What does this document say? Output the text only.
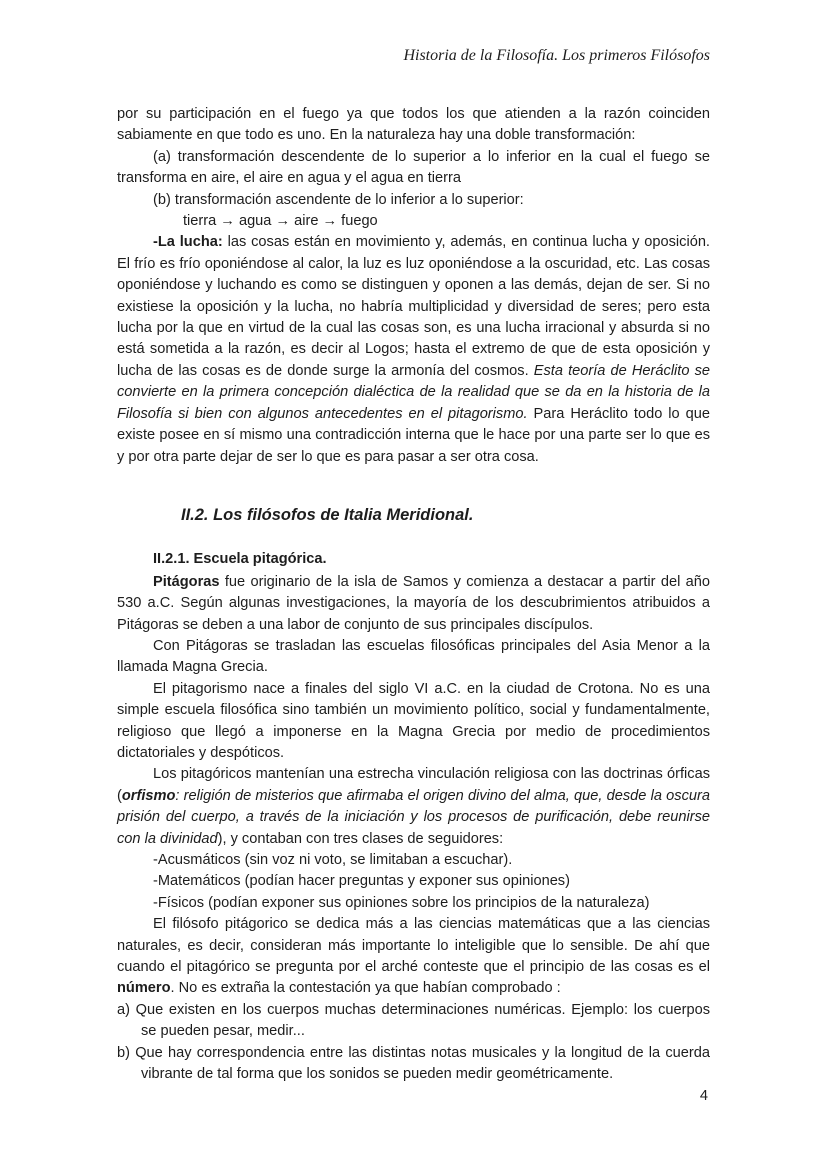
Historia de la Filosofía. Los primeros Filósofos

por su participación en el fuego ya que todos los que atienden a la razón coinciden sabiamente en que todo es uno. En la naturaleza hay una doble transformación:

(a) transformación descendente de lo superior a lo inferior en la cual el fuego se transforma en aire, el aire en agua y el agua en tierra

(b) transformación ascendente de lo inferior a lo superior:

tierra → agua → aire → fuego

-La lucha: las cosas están en movimiento y, además, en continua lucha y oposición. El frío es frío oponiéndose al calor, la luz es luz oponiéndose a la oscuridad, etc. Las cosas oponiéndose y luchando es como se distinguen y oponen a las demás, dejan de ser. Si no existiese la oposición y la lucha, no habría multiplicidad y diversidad de seres; pero esta lucha por la que en virtud de la cual las cosas son, es una lucha irracional y absurda si no está sometida a la razón, es decir al Logos; hasta el extremo de que de esta oposición y lucha de las cosas es de donde surge la armonía del cosmos. Esta teoría de Heráclito se convierte en la primera concepción dialéctica de la realidad que se da en la historia de la Filosofía si bien con algunos antecedentes en el pitagorismo. Para Heráclito todo lo que existe posee en sí mismo una contradicción interna que le hace por una parte ser lo que es y por otra parte dejar de ser lo que es para pasar a ser otra cosa.

II.2. Los filósofos de Italia Meridional.

II.2.1. Escuela pitagórica.

Pitágoras fue originario de la isla de Samos y comienza a destacar a partir del año 530 a.C. Según algunas investigaciones, la mayoría de los descubrimientos atribuidos a Pitágoras se deben a una labor de conjunto de sus principales discípulos.

Con Pitágoras se trasladan las escuelas filosóficas principales del Asia Menor a la llamada Magna Grecia.

El pitagorismo nace a finales del siglo VI a.C. en la ciudad de Crotona. No es una simple escuela filosófica sino también un movimiento político, social y fundamentalmente, religioso que llegó a imponerse en la Magna Grecia por medio de procedimientos dictatoriales y despóticos.

Los pitagóricos mantenían una estrecha vinculación religiosa con las doctrinas órficas (orfismo: religión de misterios que afirmaba el origen divino del alma, que, desde la oscura prisión del cuerpo, a través de la iniciación y los procesos de purificación, debe reunirse con la divinidad), y contaban con tres clases de seguidores:

-Acusmáticos (sin voz ni voto, se limitaban a escuchar).

-Matemáticos (podían hacer preguntas y exponer sus opiniones)

-Físicos (podían exponer sus opiniones sobre los principios de la naturaleza)

El filósofo pitágorico se dedica más a las ciencias matemáticas que a las ciencias naturales, es decir, consideran más importante lo inteligible que lo sensible. De ahí que cuando el pitagórico se pregunta por el arché conteste que el principio de las cosas es el número. No es extraña la contestación ya que habían comprobado :

a) Que existen en los cuerpos muchas determinaciones numéricas. Ejemplo: los cuerpos se pueden pesar, medir...

b) Que hay correspondencia entre las distintas notas musicales y la longitud de la cuerda vibrante de tal forma que los sonidos se pueden medir geométricamente.

4
